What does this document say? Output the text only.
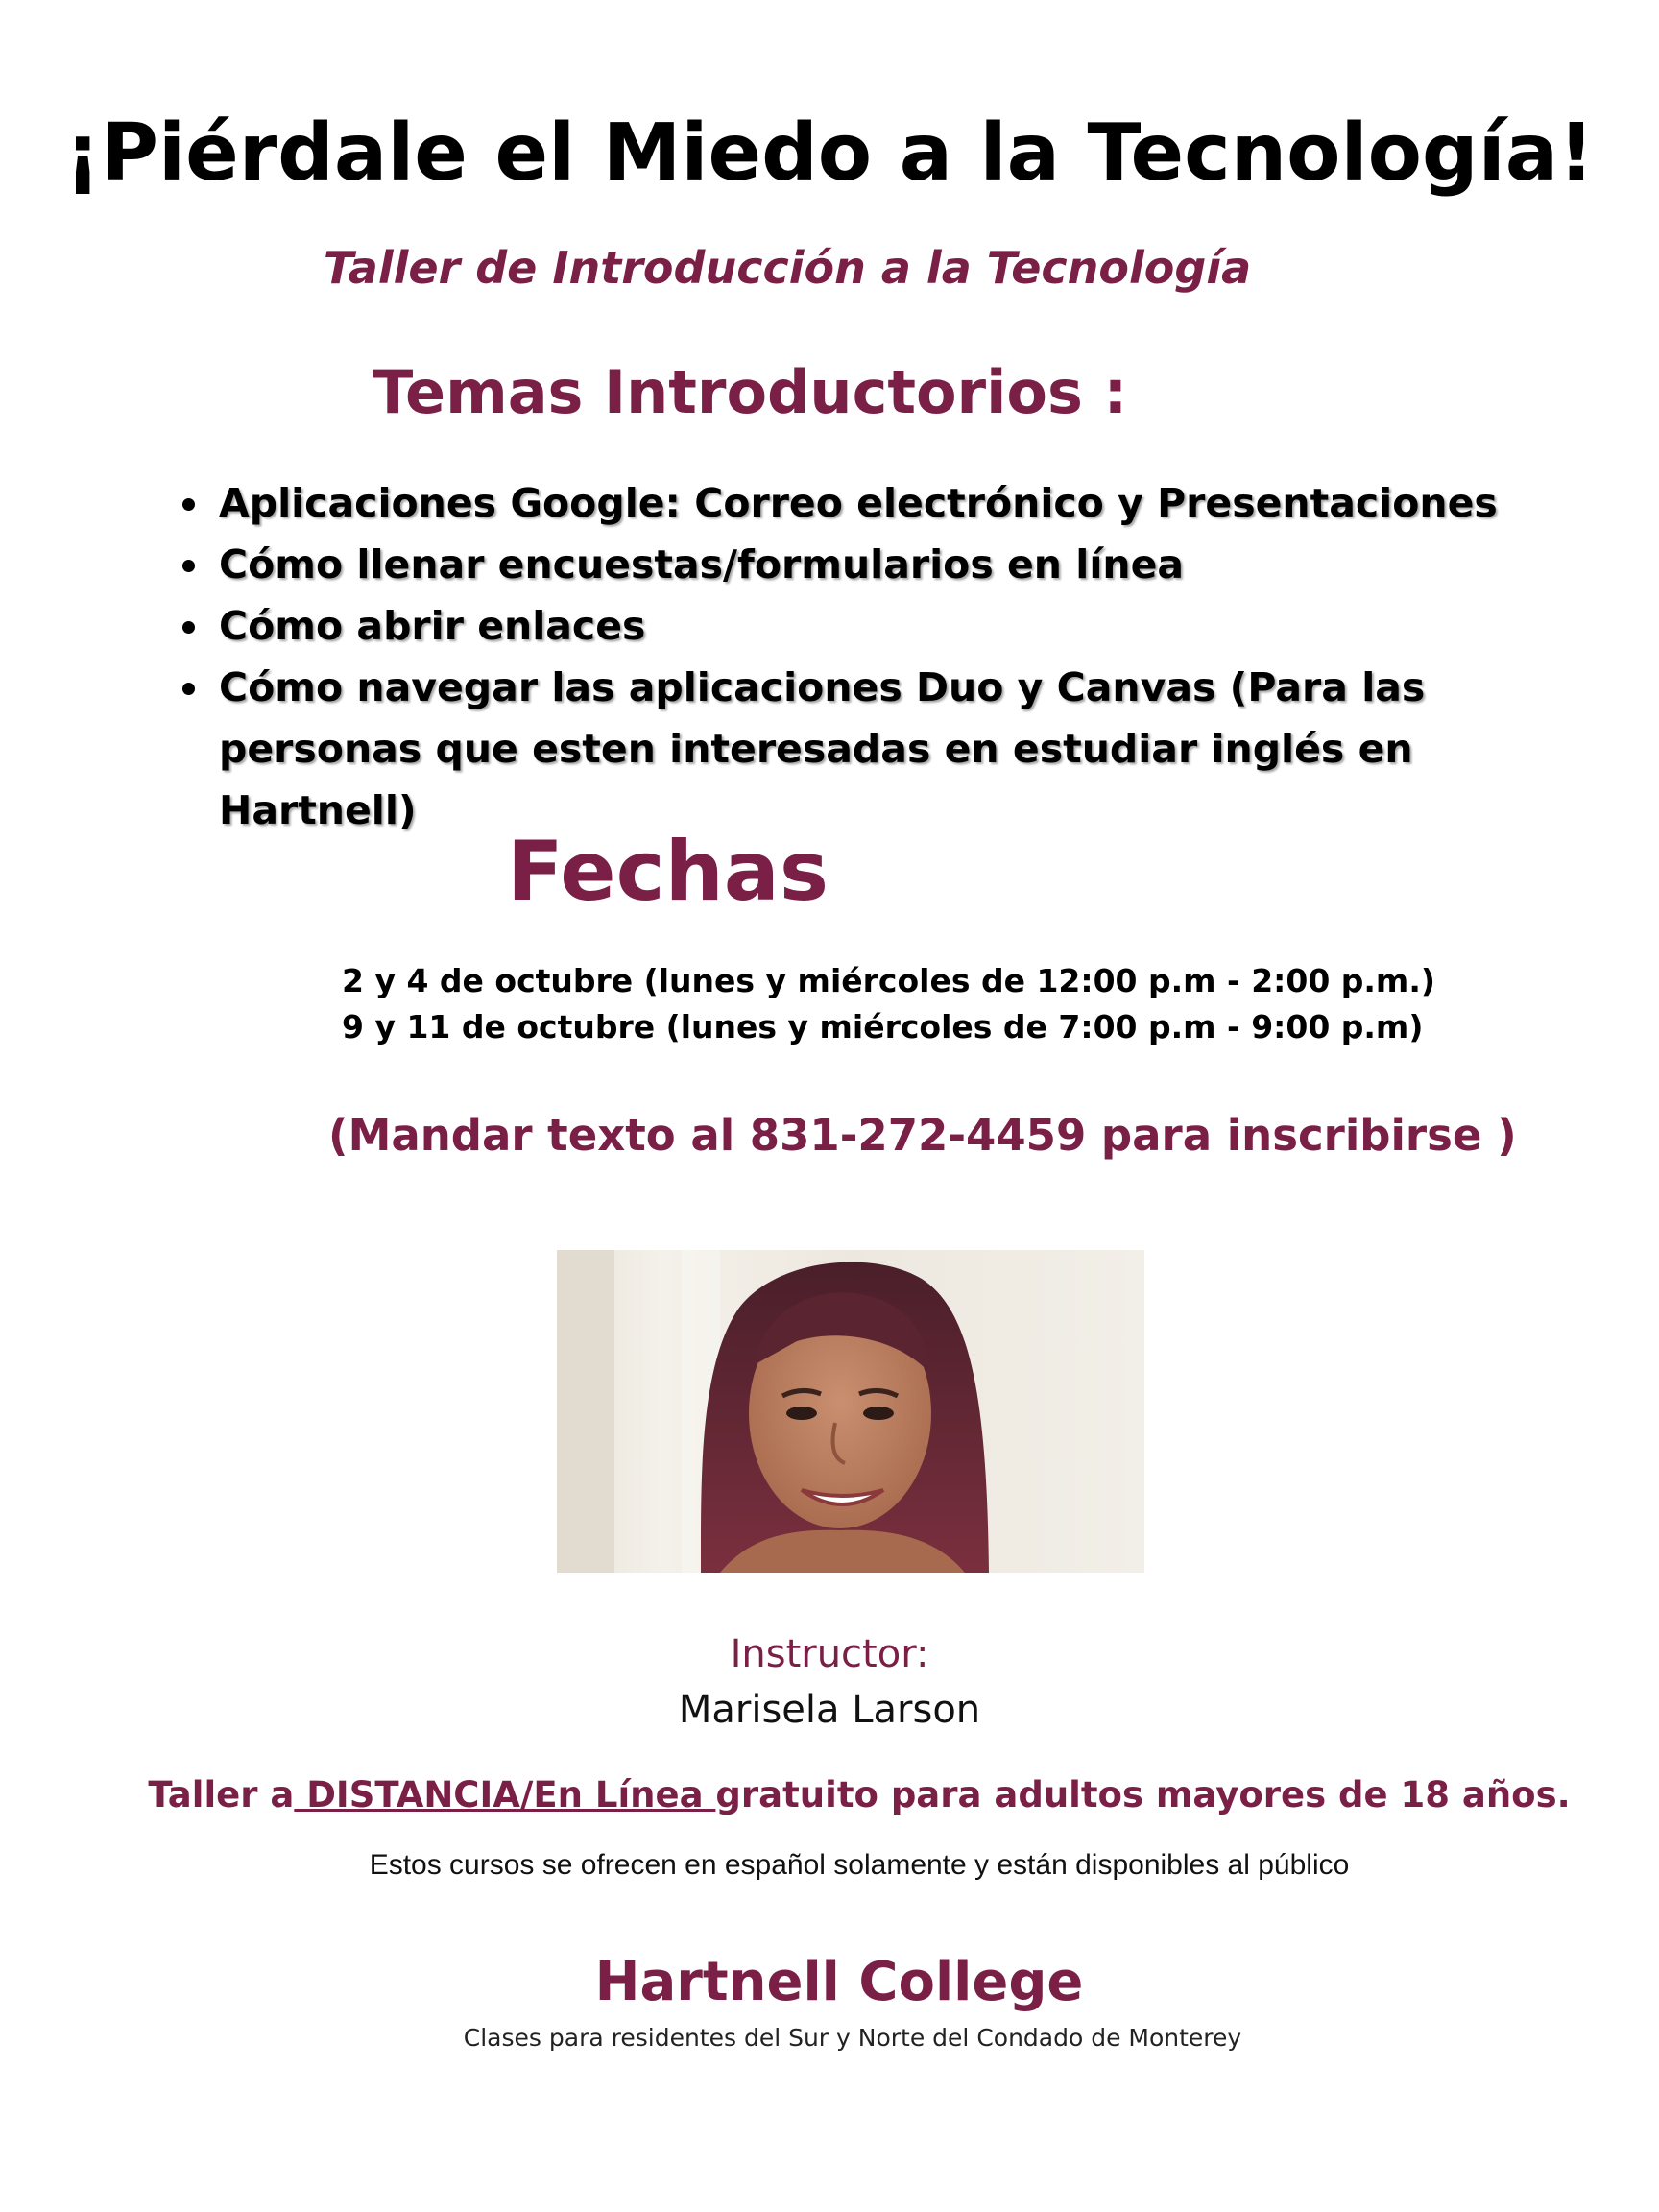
¡Piérdale el Miedo a la Tecnología!
Taller de Introducción a la Tecnología
Temas Introductorios :
Aplicaciones Google: Correo electrónico y Presentaciones
Cómo llenar encuestas/formularios en línea
Cómo abrir enlaces
Cómo navegar las aplicaciones Duo y Canvas (Para las personas que esten interesadas en estudiar inglés en Hartnell)
Fechas
2 y 4 de octubre (lunes y miércoles de 12:00 p.m - 2:00 p.m.)
9 y 11 de octubre (lunes y miércoles de 7:00 p.m - 9:00 p.m)
(Mandar texto al 831-272-4459 para inscribirse )
Instructor:
Marisela Larson
Taller a DISTANCIA/En Línea gratuito para adultos mayores de 18 años.
Estos cursos se ofrecen en español solamente y están disponibles al público
Hartnell College
Clases para residentes del Sur y Norte del Condado de Monterey
